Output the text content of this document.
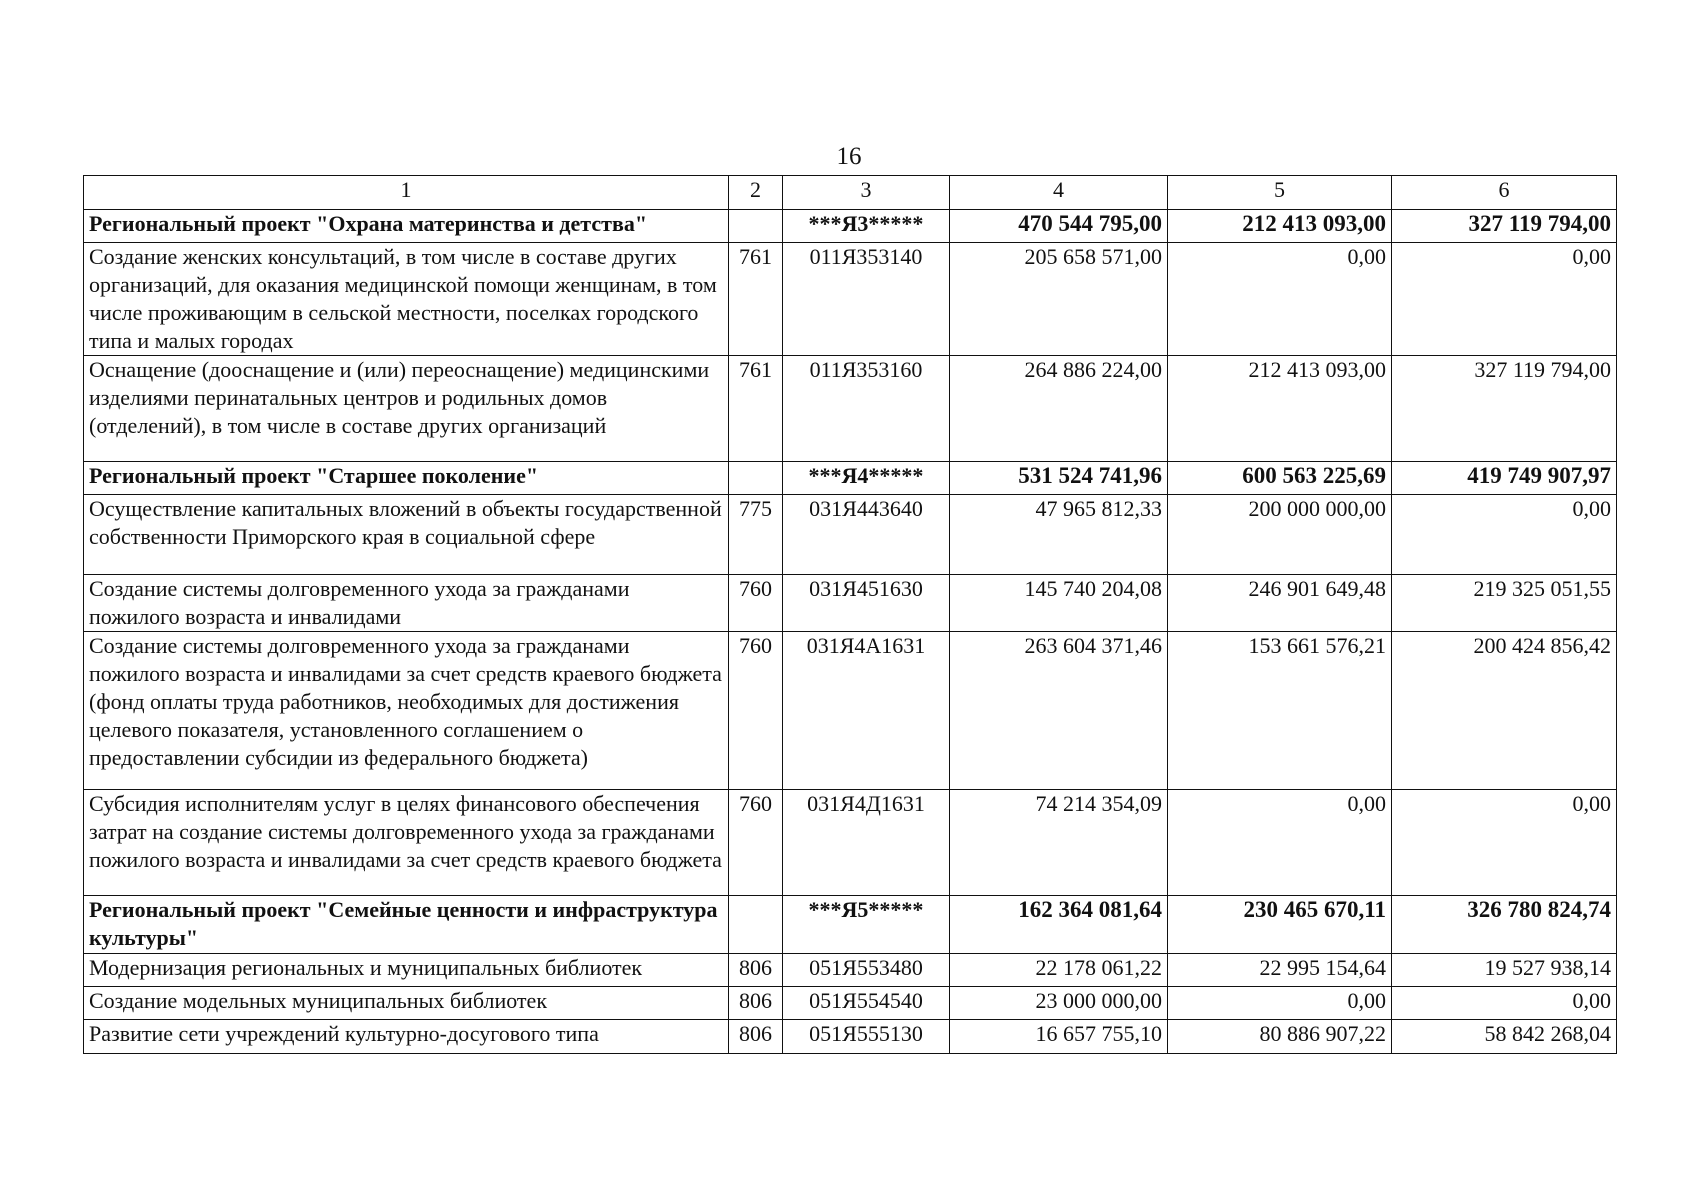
16
1	2	3	4	5	6
Региональный проект "Охрана материнства и детства"		***Я3*****	470 544 795,00	212 413 093,00	327 119 794,00
Создание женских консультаций, в том числе в составе других организаций, для оказания медицинской помощи женщинам, в том числе проживающим в сельской местности, поселках городского типа и малых городах	761	011Я353140	205 658 571,00	0,00	0,00
Оснащение (дооснащение и (или) переоснащение) медицинскими изделиями перинатальных центров и родильных домов (отделений), в том числе в составе других организаций	761	011Я353160	264 886 224,00	212 413 093,00	327 119 794,00
Региональный проект "Старшее поколение"		***Я4*****	531 524 741,96	600 563 225,69	419 749 907,97
Осуществление капитальных вложений в объекты государственной собственности Приморского края в социальной сфере	775	031Я443640	47 965 812,33	200 000 000,00	0,00
Создание системы долговременного ухода за гражданами пожилого возраста и инвалидами	760	031Я451630	145 740 204,08	246 901 649,48	219 325 051,55
Создание системы долговременного ухода за гражданами пожилого возраста и инвалидами за счет средств краевого бюджета (фонд оплаты труда работников, необходимых для достижения целевого показателя, установленного соглашением о предоставлении субсидии из федерального бюджета)	760	031Я4А1631	263 604 371,46	153 661 576,21	200 424 856,42
Субсидия исполнителям услуг в целях финансового обеспечения затрат на создание системы долговременного ухода за гражданами пожилого возраста и инвалидами за счет средств краевого бюджета	760	031Я4Д1631	74 214 354,09	0,00	0,00
Региональный проект "Семейные ценности и инфраструктура культуры"		***Я5*****	162 364 081,64	230 465 670,11	326 780 824,74
Модернизация региональных и муниципальных библиотек	806	051Я553480	22 178 061,22	22 995 154,64	19 527 938,14
Создание модельных муниципальных библиотек	806	051Я554540	23 000 000,00	0,00	0,00
Развитие сети учреждений культурно-досугового типа	806	051Я555130	16 657 755,10	80 886 907,22	58 842 268,04
